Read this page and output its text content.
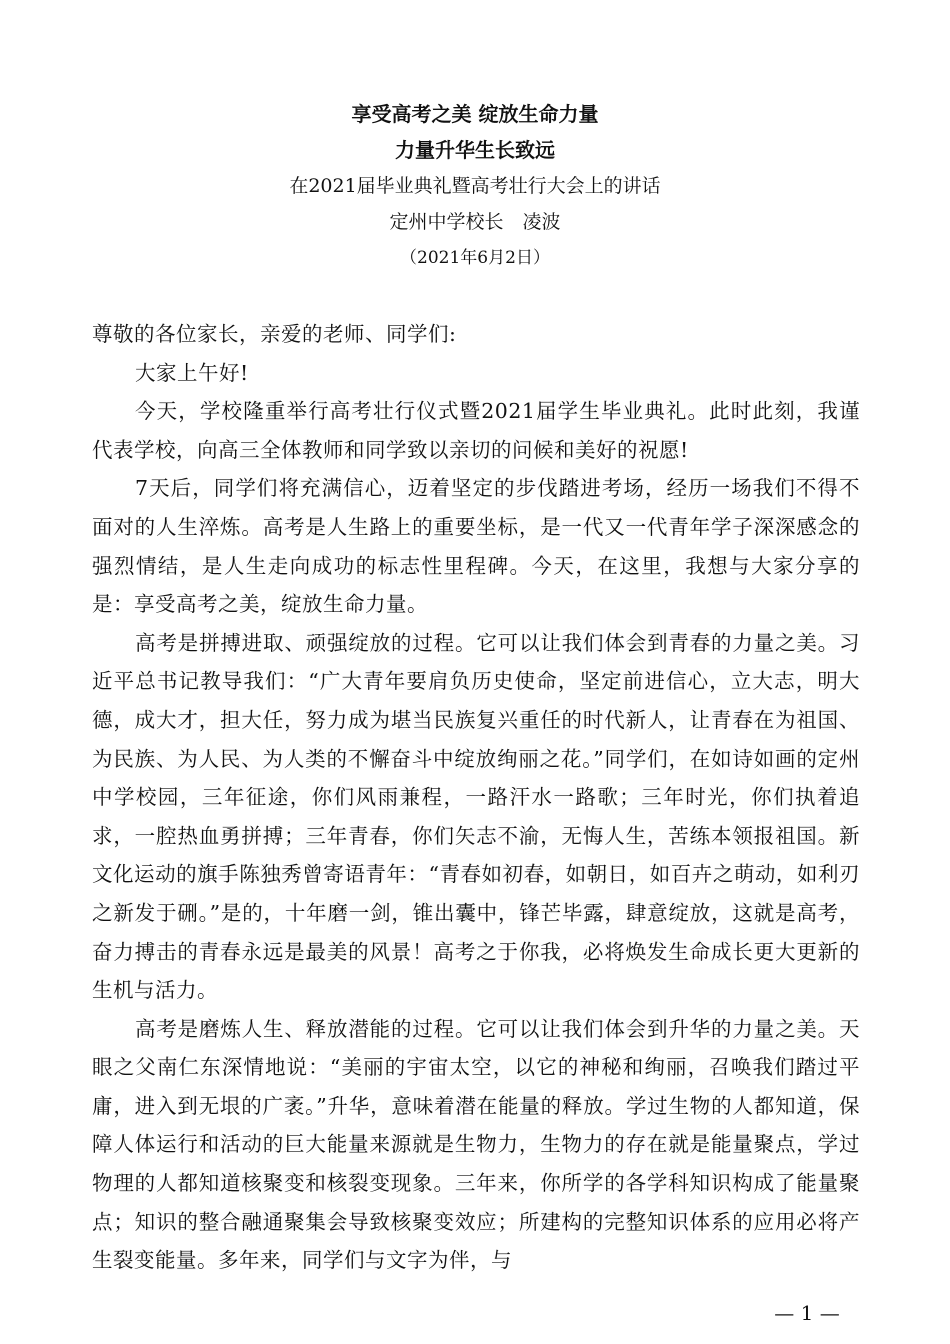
享受高考之美 绽放生命力量

力量升华生长致远

在2021届毕业典礼暨高考壮行大会上的讲话

定州中学校长　凌波

（2021年6月2日）

尊敬的各位家长，亲爱的老师、同学们:

大家上午好!

今天，学校隆重举行高考壮行仪式暨2021届学生毕业典礼。此时此刻，我谨代表学校，向高三全体教师和同学致以亲切的问候和美好的祝愿!

7天后，同学们将充满信心，迈着坚定的步伐踏进考场，经历一场我们不得不面对的人生淬炼。高考是人生路上的重要坐标，是一代又一代青年学子深深感念的强烈情结，是人生走向成功的标志性里程碑。今天，在这里，我想与大家分享的是：享受高考之美，绽放生命力量。

高考是拼搏进取、顽强绽放的过程。它可以让我们体会到青春的力量之美。习近平总书记教导我们：“广大青年要肩负历史使命，坚定前进信心，立大志，明大德，成大才，担大任，努力成为堪当民族复兴重任的时代新人，让青春在为祖国、为民族、为人民、为人类的不懈奋斗中绽放绚丽之花。”同学们，在如诗如画的定州中学校园，三年征途，你们风雨兼程，一路汗水一路歌；三年时光，你们执着追求，一腔热血勇拼搏；三年青春，你们矢志不渝，无悔人生，苦练本领报祖国。新文化运动的旗手陈独秀曾寄语青年：“青春如初春，如朝日，如百卉之萌动，如利刃之新发于硎。”是的，十年磨一剑，锥出囊中，锋芒毕露，肆意绽放，这就是高考，奋力搏击的青春永远是最美的风景！高考之于你我，必将焕发生命成长更大更新的生机与活力。

高考是磨炼人生、释放潜能的过程。它可以让我们体会到升华的力量之美。天眼之父南仁东深情地说：“美丽的宇宙太空，以它的神秘和绚丽，召唤我们踏过平庸，进入到无垠的广袤。”升华，意味着潜在能量的释放。学过生物的人都知道，保障人体运行和活动的巨大能量来源就是生物力，生物力的存在就是能量聚点，学过物理的人都知道核聚变和核裂变现象。三年来，你所学的各学科知识构成了能量聚点；知识的整合融通聚集会导致核聚变效应；所建构的完整知识体系的应用必将产生裂变能量。多年来，同学们与文字为伴，与

— 1 —
